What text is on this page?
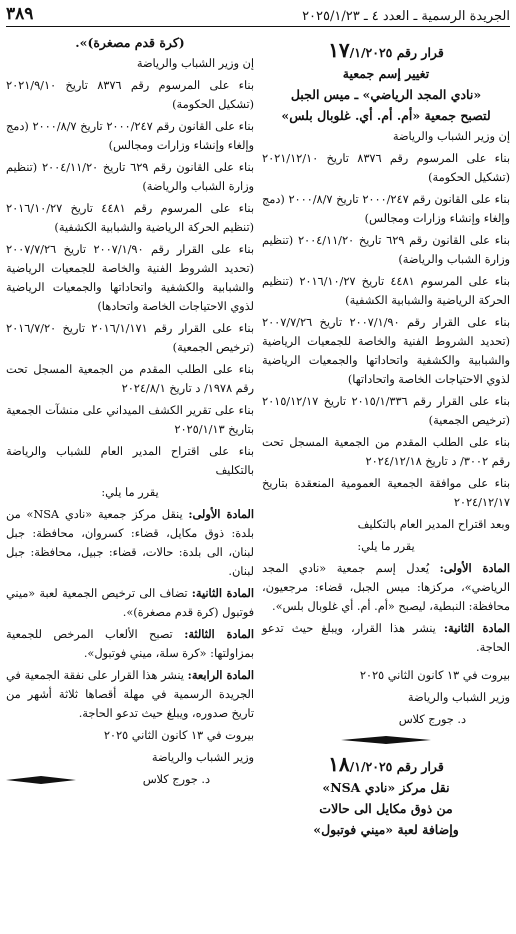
الجريدة الرسمية ـ العدد ٤ ـ ٢٠٢٥/١/٢٣
٣٨٩
قرار رقم ١٧/١/٢٠٢٥
تغيير إسم جمعية
«نادي المجد الرياضي» ـ ميس الجبل
لتصبح جمعية «أم. أم. أي. غلوبال بلس»

إن وزير الشباب والرياضة

بناء على المرسوم رقم ٨٣٧٦ تاريخ ٢٠٢١/١٢/١٠ (تشكيل الحكومة)

بناء على القانون رقم ٢٠٠٠/٢٤٧ تاريخ ٢٠٠٠/٨/٧ (دمج وإلغاء وإنشاء وزارات ومجالس)

بناء على القانون رقم ٦٢٩ تاريخ ٢٠٠٤/١١/٢٠ (تنظيم وزارة الشباب والرياضة)

بناء على المرسوم ٤٤٨١ تاريخ ٢٠١٦/١٠/٢٧ (تنظيم الحركة الرياضية والشبابية الكشفية)

بناء على القرار رقم ٢٠٠٧/١/٩٠ تاريخ ٢٠٠٧/٧/٢٦ (تحديد الشروط الفنية والخاصة للجمعيات الرياضية والشبابية والكشفية واتحاداتها والجمعيات الرياضية لذوي الاحتياجات الخاصة واتحاداتها)

بناء على القرار رقم ٢٠١٥/١/٣٣٦ تاريخ ٢٠١٥/١٢/١٧ (ترخيص الجمعية)

بناء على الطلب المقدم من الجمعية المسجل تحت رقم ٣٠٠٢/ د تاريخ ٢٠٢٤/١٢/١٨

بناء على موافقة الجمعية العمومية المنعقدة بتاريخ ٢٠٢٤/١٢/١٧

وبعد اقتراح المدير العام بالتكليف

يقرر ما يلي:

المادة الأولى: يُعدل إسم جمعية «نادي المجد الرياضي»، مركزها: ميس الجبل، قضاء: مرجعيون، محافظة: النبطية، ليصبح «أم. أم. أي غلوبال بلس».

المادة الثانية: ينشر هذا القرار، ويبلغ حيث تدعو الحاجة.

بيروت في ١٣ كانون الثاني ٢٠٢٥

وزير الشباب والرياضة

د. جورج كلاس

قرار رقم ١٨/١/٢٠٢٥
نقل مركز «نادي NSA»
من ذوق مكايل الى حالات
وإضافة لعبة «ميني فوتبول»
(كرة قدم مصغرة)».

إن وزير الشباب والرياضة

بناء على المرسوم رقم ٨٣٧٦ تاريخ ٢٠٢١/٩/١٠ (تشكيل الحكومة)

بناء على القانون رقم ٢٠٠٠/٢٤٧ تاريخ ٢٠٠٠/٨/٧ (دمج وإلغاء وإنشاء وزارات ومجالس)

بناء على القانون رقم ٦٢٩ تاريخ ٢٠٠٤/١١/٢٠ (تنظيم وزارة الشباب والرياضة)

بناء على المرسوم رقم ٤٤٨١ تاريخ ٢٠١٦/١٠/٢٧ (تنظيم الحركة الرياضية والشبابية الكشفية)

بناء على القرار رقم ٢٠٠٧/١/٩٠ تاريخ ٢٠٠٧/٧/٢٦ (تحديد الشروط الفنية والخاصة للجمعيات الرياضية والشبابية والكشفية واتحاداتها والجمعيات الرياضية لذوي الاحتياجات الخاصة واتحادها)

بناء على القرار رقم ٢٠١٦/١/١٧١ تاريخ ٢٠١٦/٧/٢٠ (ترخيص الجمعية)

بناء على الطلب المقدم من الجمعية المسجل تحت رقم ١٩٧٨/ د تاريخ ٢٠٢٤/٨/١

بناء على تقرير الكشف الميداني على منشآت الجمعية بتاريخ ٢٠٢٥/١/١٣

بناء على اقتراح المدير العام للشباب والرياضة بالتكليف

يقرر ما يلي:

المادة الأولى: ينقل مركز جمعية «نادي NSA» من بلدة: ذوق مكايل، قضاء: كسروان، محافظة: جبل لبنان، الى بلدة: حالات، قضاء: جبيل، محافظة: جبل لبنان.

المادة الثانية: تضاف الى ترخيص الجمعية لعبة «ميني فوتبول (كرة قدم مصغرة)».

المادة الثالثة: تصبح الألعاب المرخص للجمعية بمزاولتها: «كرة سلة، ميني فوتبول».

المادة الرابعة: ينشر هذا القرار على نفقة الجمعية في الجريدة الرسمية في مهلة أقصاها ثلاثة أشهر من تاريخ صدوره، ويبلغ حيث تدعو الحاجة.

بيروت في ١٣ كانون الثاني ٢٠٢٥

وزير الشباب والرياضة

د. جورج كلاس
